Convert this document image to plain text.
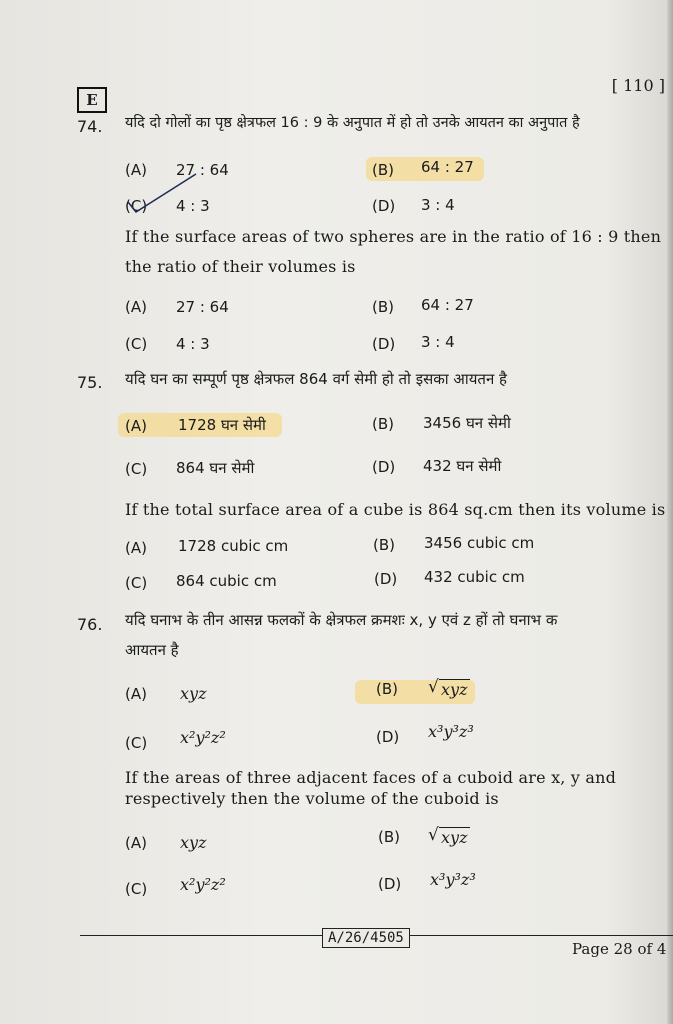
E
[ 110 ]
74. यदि दो गोलों का पृष्ठ क्षेत्रफल 16 : 9 के अनुपात में हो तो उनके आयतन का अनुपात है
(A) 27 : 64	(B) 64 : 27
(C) 4 : 3	(D) 3 : 4
If the surface areas of two spheres are in the ratio of 16 : 9 then
the ratio of their volumes is
(A) 27 : 64	(B) 64 : 27
(C) 4 : 3	(D) 3 : 4
75. यदि घन का सम्पूर्ण पृष्ठ क्षेत्रफल 864 वर्ग सेमी हो तो इसका आयतन है
(A) 1728 घन सेमी	(B) 3456 घन सेमी
(C) 864 घन सेमी	(D) 432 घन सेमी
If the total surface area of a cube is 864 sq.cm then its volume is
(A) 1728 cubic cm	(B) 3456 cubic cm
(C) 864 cubic cm	(D) 432 cubic cm
76. यदि घनाभ के तीन आसन्न फलकों के क्षेत्रफल क्रमशः x, y एवं z हों तो घनाभ क
आयतन है
(A) xyz	(B) √ xyz
(C) x²y²z²	(D) x³y³z³
If the areas of three adjacent faces of a cuboid are x, y and
respectively then the volume of the cuboid is
(A) xyz	(B) √ xyz
(C) x²y²z²	(D) x³y³z³
A/26/4505
Page 28 of 4
